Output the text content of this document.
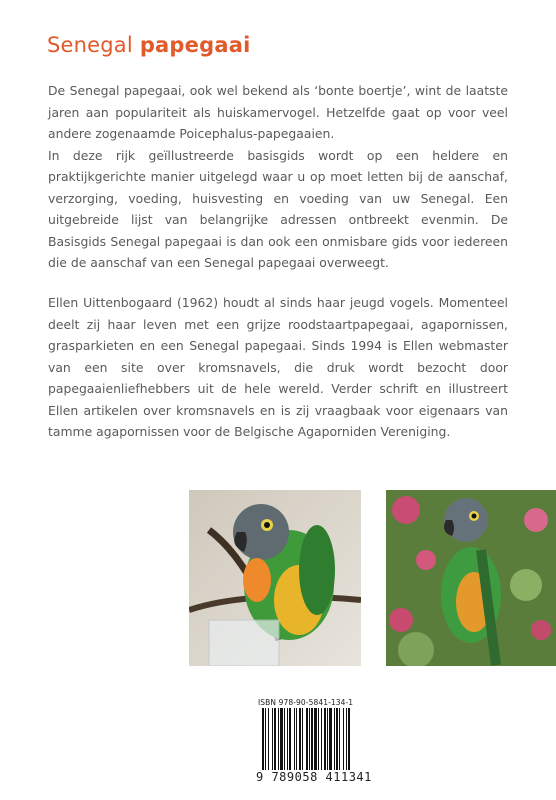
Senegal papegaai

De Senegal papegaai, ook wel bekend als ‘bonte boertje’, wint de laatste jaren aan populariteit als huiskamervogel. Hetzelfde gaat op voor veel andere zogenaamde Poicephalus-papegaaien.

In deze rijk geïllustreerde basisgids wordt op een heldere en praktijkgerichte manier uitgelegd waar u op moet letten bij de aanschaf, verzorging, voeding, huisvesting en voeding van uw Senegal. Een uitgebreide lijst van belangrijke adressen ontbreekt evenmin. De Basisgids Senegal papegaai is dan ook een onmisbare gids voor iedereen die de aanschaf van een Senegal papegaai overweegt.

Ellen Uittenbogaard (1962) houdt al sinds haar jeugd vogels. Momenteel deelt zij haar leven met een grijze roodstaartpapegaai, agapornissen, grasparkieten en een Senegal papegaai. Sinds 1994 is Ellen webmaster van een site over kromsnavels, die druk wordt bezocht door papegaaienliefhebbers uit de hele wereld. Verder schrift en illustreert Ellen artikelen over kromsnavels en is zij vraagbaak voor eigenaars van tamme agapornissen voor de Belgische Agaporniden Vereniging.

ISBN 978-90-5841-134-1
9 789058 411341
